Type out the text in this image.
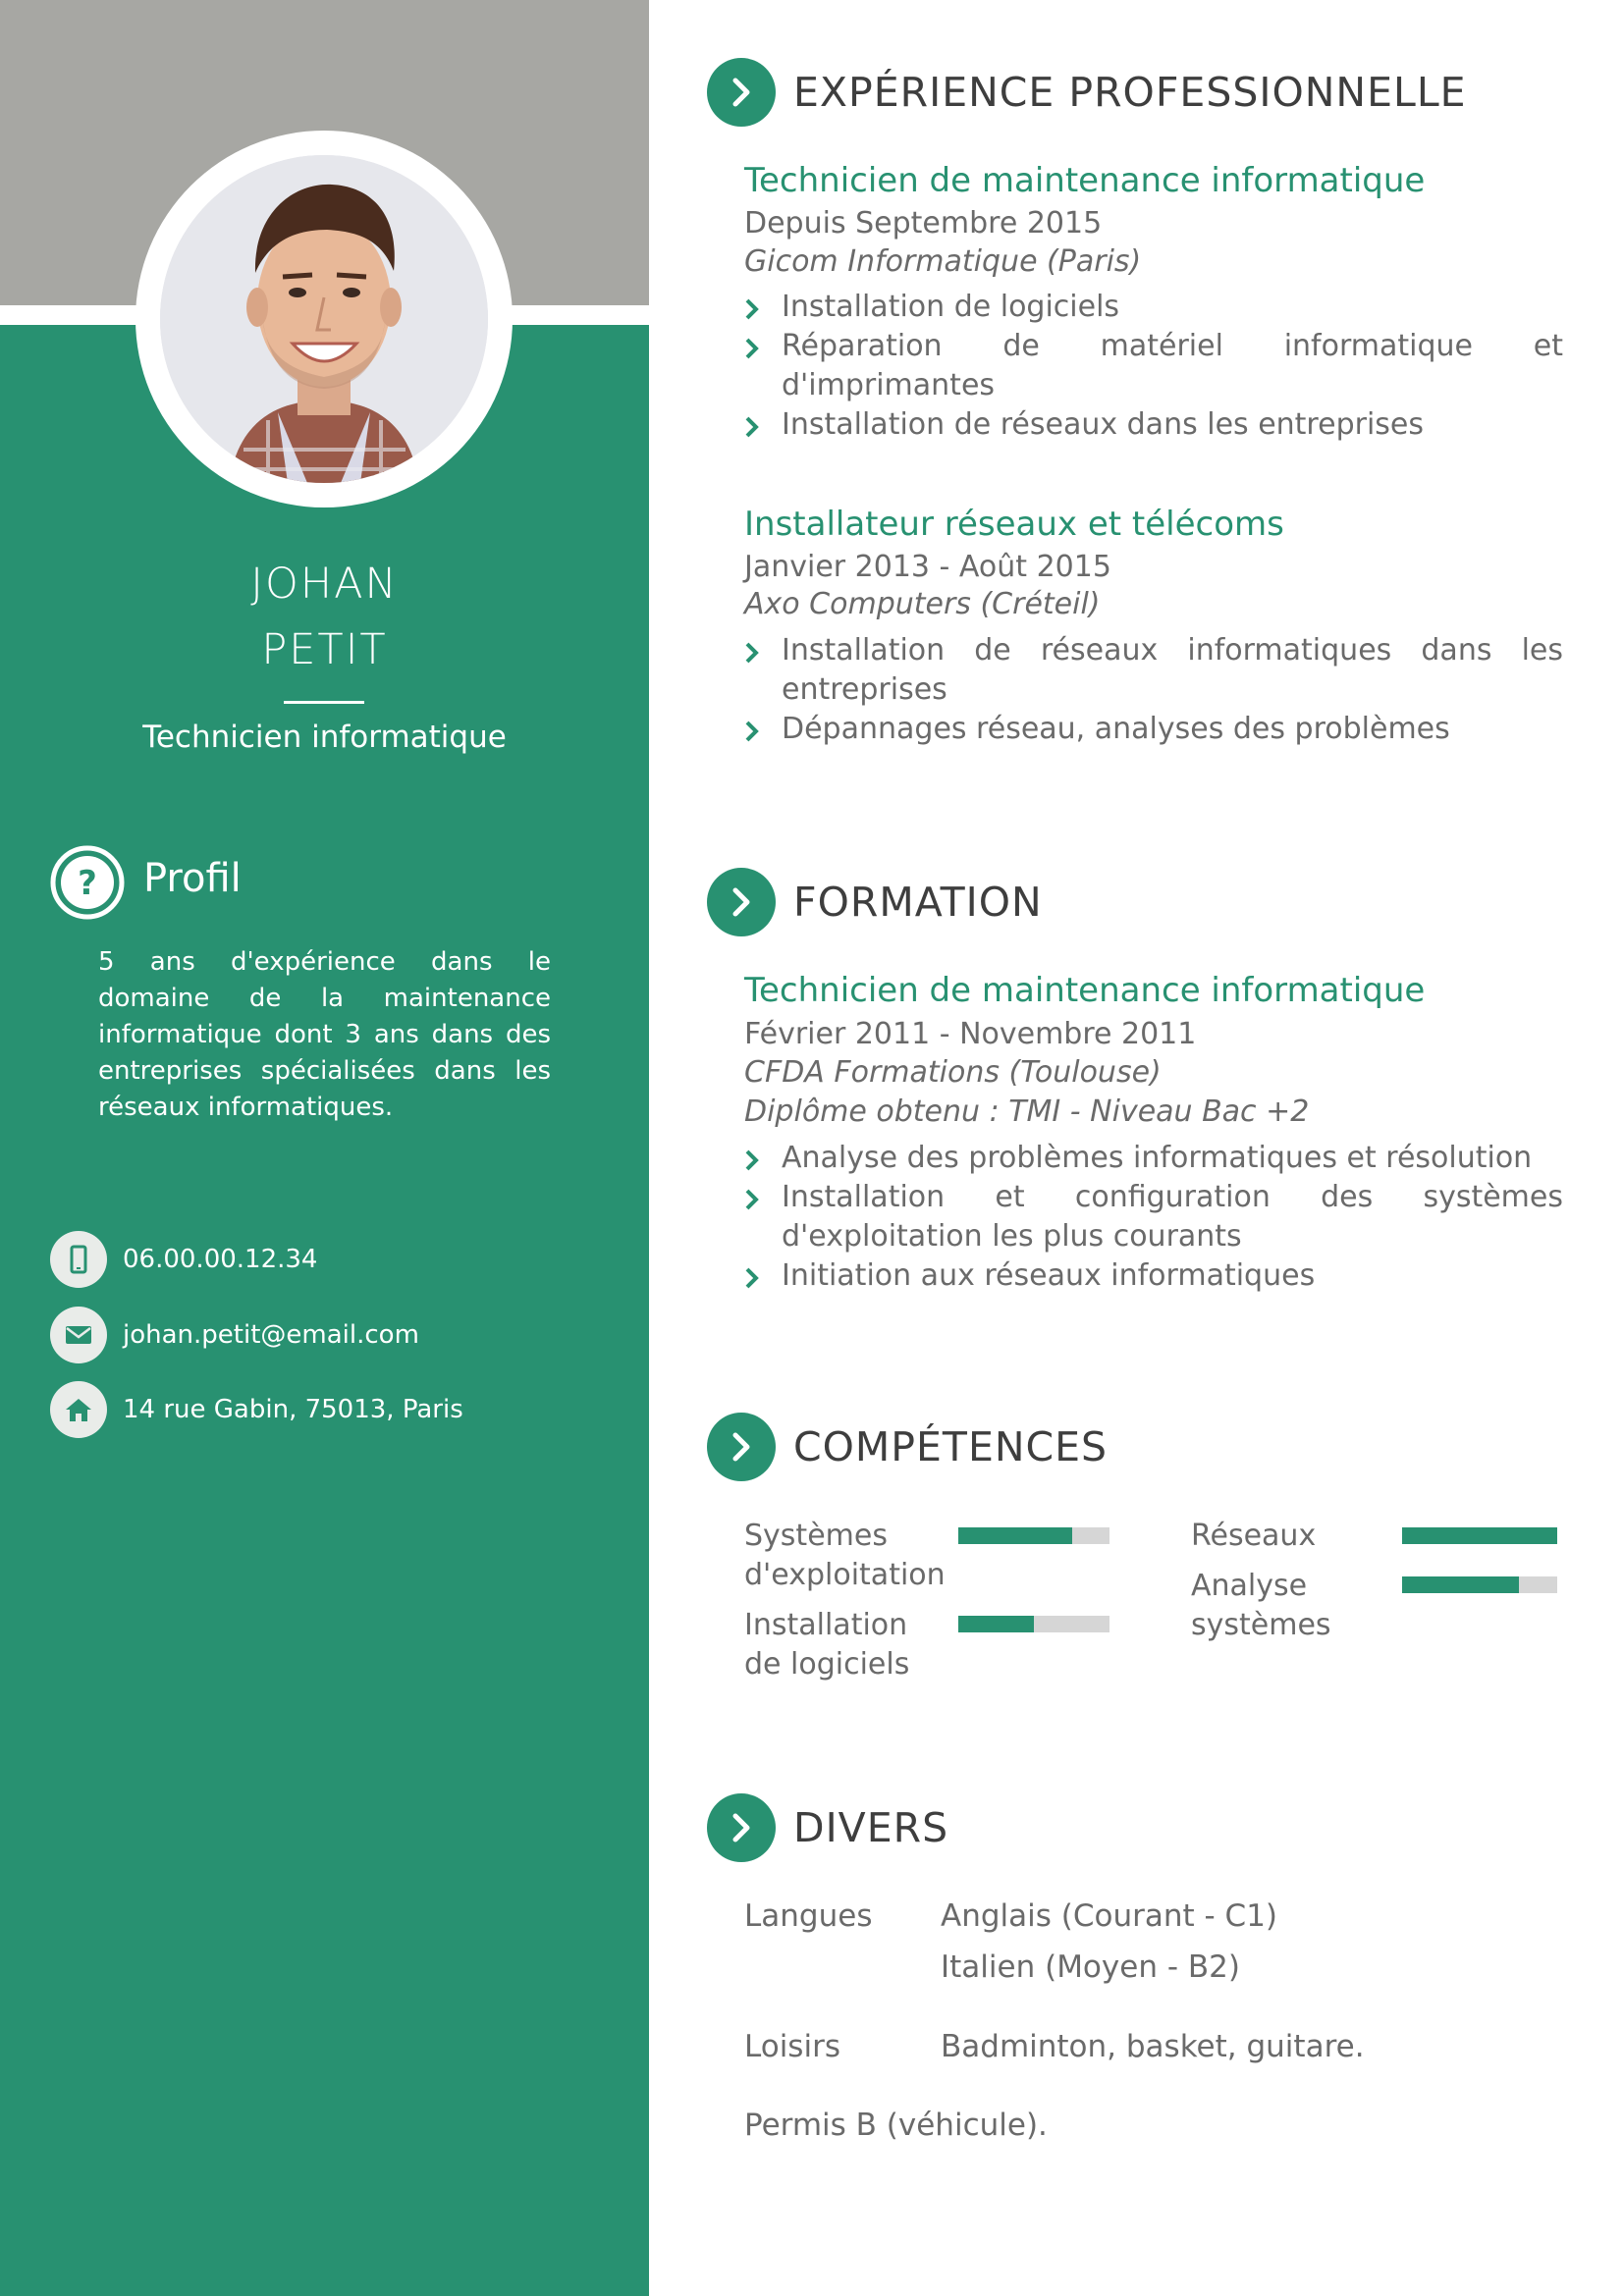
JOHAN
PETIT
Technicien informatique
? Profil
5 ans d'expérience dans le domaine de la maintenance informatique dont 3 ans dans des entreprises spécialisées dans les réseaux informatiques.
06.00.00.12.34
johan.petit@email.com
14 rue Gabin, 75013, Paris
EXPÉRIENCE PROFESSIONNELLE
Technicien de maintenance informatique
Depuis Septembre 2015
Gicom Informatique (Paris)
Installation de logiciels
Réparation de matériel informatique et d'imprimantes
Installation de réseaux dans les entreprises
Installateur réseaux et télécoms
Janvier 2013 - Août 2015
Axo Computers (Créteil)
Installation de réseaux informatiques dans les entreprises
Dépannages réseau, analyses des problèmes
FORMATION
Technicien de maintenance informatique
Février 2011 - Novembre 2011
CFDA Formations (Toulouse)
Diplôme obtenu : TMI - Niveau Bac +2
Analyse des problèmes informatiques et résolution
Installation et configuration des systèmes d'exploitation les plus courants
Initiation aux réseaux informatiques
COMPÉTENCES
Systèmes d'exploitation
Installation de logiciels
Réseaux
Analyse systèmes
DIVERS
Langues Anglais (Courant - C1)
Italien (Moyen - B2)
Loisirs	Badminton, basket, guitare.
Permis B (véhicule).
